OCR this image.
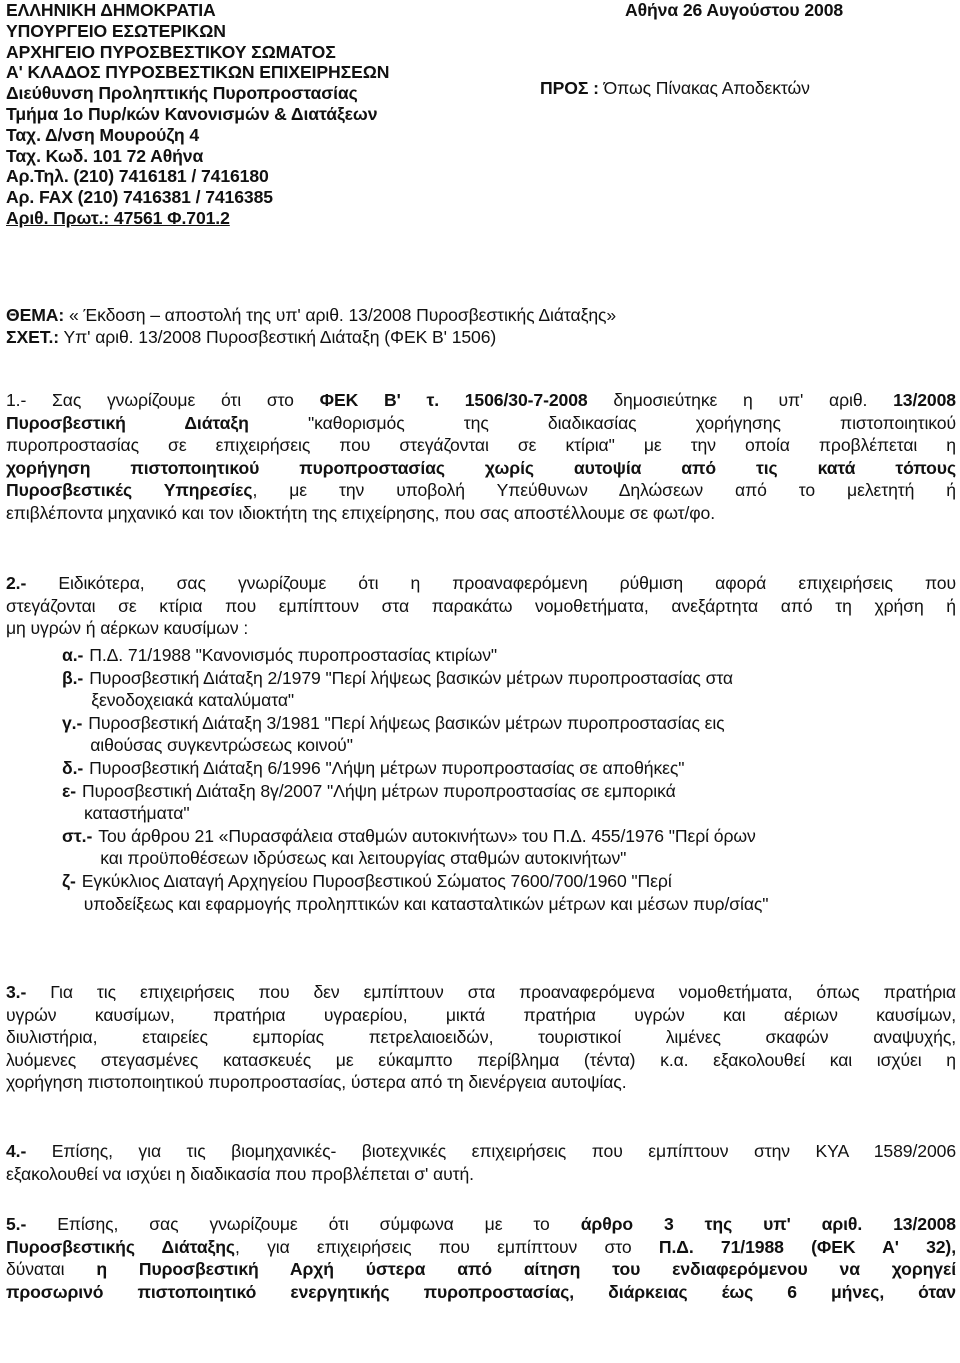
ΕΛΛΗΝΙΚΗ ΔΗΜΟΚΡΑΤΙΑ
ΥΠΟΥΡΓΕΙΟ ΕΣΩΤΕΡΙΚΩΝ
ΑΡΧΗΓΕΙΟ ΠΥΡΟΣΒΕΣΤΙΚΟΥ ΣΩΜΑΤΟΣ
Α' ΚΛΑΔΟΣ ΠΥΡΟΣΒΕΣΤΙΚΩΝ ΕΠΙΧΕΙΡΗΣΕΩΝ
Διεύθυνση Προληπτικής Πυροπροστασίας
Τμήμα 1ο Πυρ/κών Κανονισμών & Διατάξεων
Ταχ. Δ/νση Μουρούζη 4
Ταχ. Κωδ. 101 72 Αθήνα
Αρ.Τηλ. (210) 7416181 / 7416180
Αρ. FAX (210) 7416381 / 7416385
Αριθ. Πρωτ.: 47561 Φ.701.2
Αθήνα 26 Αυγούστου 2008
ΠΡΟΣ : Όπως Πίνακας Αποδεκτών
ΘΕΜΑ: « Έκδοση – αποστολή της υπ' αριθ. 13/2008 Πυροσβεστικής Διάταξης»
ΣΧΕΤ.: Υπ' αριθ. 13/2008 Πυροσβεστική Διάταξη (ΦΕΚ Β' 1506)
1.- Σας γνωρίζουμε ότι στο ΦΕΚ Β' τ. 1506/30-7-2008 δημοσιεύτηκε η υπ' αριθ. 13/2008
Πυροσβεστική Διάταξη "καθορισμός της διαδικασίας χορήγησης πιστοποιητικού
πυροπροστασίας σε επιχειρήσεις που στεγάζονται σε κτίρια" με την οποία προβλέπεται η
χορήγηση πιστοποιητικού πυροπροστασίας χωρίς αυτοψία από τις κατά τόπους
Πυροσβεστικές Υπηρεσίες, με την υποβολή Υπεύθυνων Δηλώσεων από το μελετητή ή
επιβλέποντα μηχανικό και τον ιδιοκτήτη της επιχείρησης, που σας αποστέλλουμε σε φωτ/φο.
2.- Ειδικότερα, σας γνωρίζουμε ότι η προαναφερόμενη ρύθμιση αφορά επιχειρήσεις που
στεγάζονται σε κτίρια που εμπίπτουν στα παρακάτω νομοθετήματα, ανεξάρτητα από τη χρήση ή
μη υγρών ή αέρκων καυσίμων :
α.- Π.Δ. 71/1988 "Κανονισμός πυροπροστασίας κτιρίων"
β.- Πυροσβεστική Διάταξη 2/1979 "Περί λήψεως βασικών μέτρων πυροπροστασίας στα
ξενοδοχειακά καταλύματα"
γ.- Πυροσβεστική Διάταξη 3/1981 "Περί λήψεως βασικών μέτρων πυροπροστασίας εις
αιθούσας συγκεντρώσεως κοινού"
δ.- Πυροσβεστική Διάταξη 6/1996 "Λήψη μέτρων πυροπροστασίας σε αποθήκες"
ε- Πυροσβεστική Διάταξη 8γ/2007 "Λήψη μέτρων πυροπροστασίας σε εμπορικά
καταστήματα"
στ.- Του άρθρου 21 «Πυρασφάλεια σταθμών αυτοκινήτων» του Π.Δ. 455/1976 "Περί όρων
και προϋποθέσεων ιδρύσεως και λειτουργίας σταθμών αυτοκινήτων"
ζ- Εγκύκλιος Διαταγή Αρχηγείου Πυροσβεστικού Σώματος 7600/700/1960 "Περί
υποδείξεως και εφαρμογής προληπτικών και κατασταλτικών μέτρων και μέσων πυρ/σίας"
3.- Για τις επιχειρήσεις που δεν εμπίπτουν στα προαναφερόμενα νομοθετήματα, όπως πρατήρια
υγρών καυσίμων, πρατήρια υγραερίου, μικτά πρατήρια υγρών και αέριων καυσίμων,
διυλιστήρια, εταιρείες εμπορίας πετρελαιοειδών, τουριστικοί λιμένες σκαφών αναψυχής,
λυόμενες στεγασμένες κατασκευές με εύκαμπτο περίβλημα (τέντα) κ.α. εξακολουθεί και ισχύει η
χορήγηση πιστοποιητικού πυροπροστασίας, ύστερα από τη διενέργεια αυτοψίας.
4.- Επίσης, για τις βιομηχανικές- βιοτεχνικές επιχειρήσεις που εμπίπτουν στην ΚΥΑ 1589/2006
εξακολουθεί να ισχύει η διαδικασία που προβλέπεται σ' αυτή.
5.- Επίσης, σας γνωρίζουμε ότι σύμφωνα με το άρθρο 3 της υπ' αριθ. 13/2008
Πυροσβεστικής Διάταξης, για επιχειρήσεις που εμπίπτουν στο Π.Δ. 71/1988 (ΦΕΚ Α' 32),
δύναται η Πυροσβεστική Αρχή ύστερα από αίτηση του ενδιαφερόμενου να χορηγεί
προσωρινό πιστοποιητικό ενεργητικής πυροπροστασίας, διάρκειας έως 6 μήνες, όταν
